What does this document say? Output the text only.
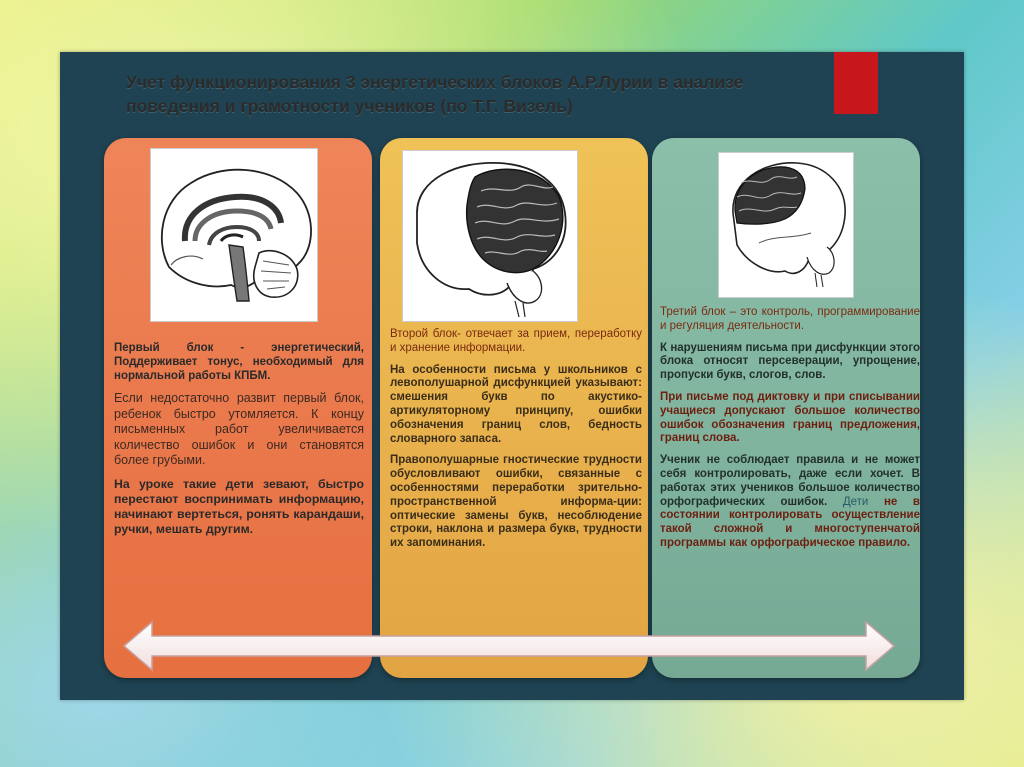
Учет функционирования 3 энергетических блоков А.Р.Лурии в анализе
поведения и грамотности учеников (по Т.Г. Визель)

Первый блок - энергетический, Поддерживает тонус, необходимый для нормальной работы КПБМ.

Если недостаточно развит первый блок, ребенок быстро утомляется. К концу письменных работ увеличивается количество ошибок и они становятся более грубыми.

На уроке такие дети зевают, быстро перестают воспринимать информацию, начинают вертеться, ронять карандаши, ручки, мешать другим.

Второй блок- отвечает за прием, переработку и хранение информации.

На особенности письма у школьников с левополушарной дисфункцией указывают: смешения букв по акустико-артикуляторному принципу, ошибки обозначения границ слов, бедность словарного запаса.

Правополушарные гностические трудности обусловливают ошибки, связанные с особенностями переработки зрительно-пространственной информа-ции: оптические замены букв, несоблюдение строки, наклона и размера букв, трудности их запоминания.

Третий блок – это контроль, программирование и регуляция деятельности.

К нарушениям письма при дисфункции этого блока относят персеверации, упрощение, пропуски букв, слогов, слов.

При письме под диктовку и при списывании учащиеся допускают большое количество ошибок обозначения границ предложения, границ слова.

Ученик не соблюдает правила и не может себя контролировать, даже если хочет. В работах этих учеников большое количество орфографических ошибок. Дети не в состоянии контролировать осуществление такой сложной и многоступенчатой программы как орфографическое правило.
